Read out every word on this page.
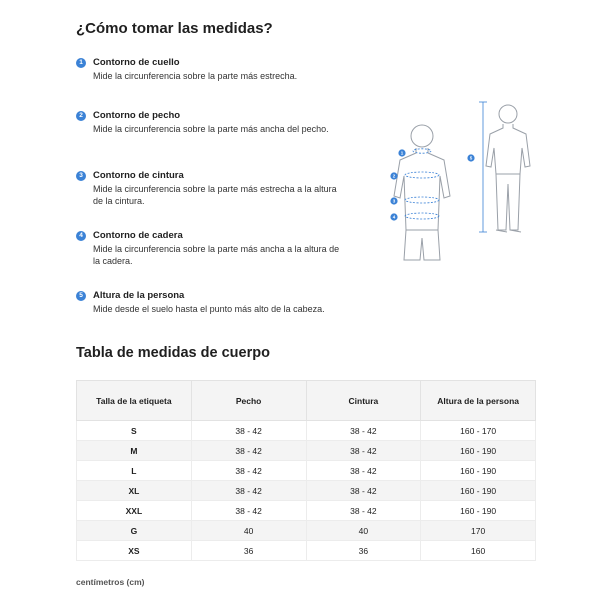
¿Cómo tomar las medidas?
1	Contorno de cuello
Mide la circunferencia sobre la parte más estrecha.
2	Contorno de pecho
Mide la circunferencia sobre la parte más ancha del pecho.
3	Contorno de cintura
Mide la circunferencia sobre la parte más estrecha a la altura de la cintura.
4	Contorno de cadera
Mide la circunferencia sobre la parte más ancha a la altura de la cadera.
5	Altura de la persona
Mide desde el suelo hasta el punto más alto de la cabeza.
1
2
3
4
5
Tabla de medidas de cuerpo
Talla de la etiqueta	Pecho	Cintura	Altura de la persona
S	38 - 42	38 - 42	160 - 170
M	38 - 42	38 - 42	160 - 190
L	38 - 42	38 - 42	160 - 190
XL	38 - 42	38 - 42	160 - 190
XXL	38 - 42	38 - 42	160 - 190
G	40	40	170
XS	36	36	160
centímetros (cm)
